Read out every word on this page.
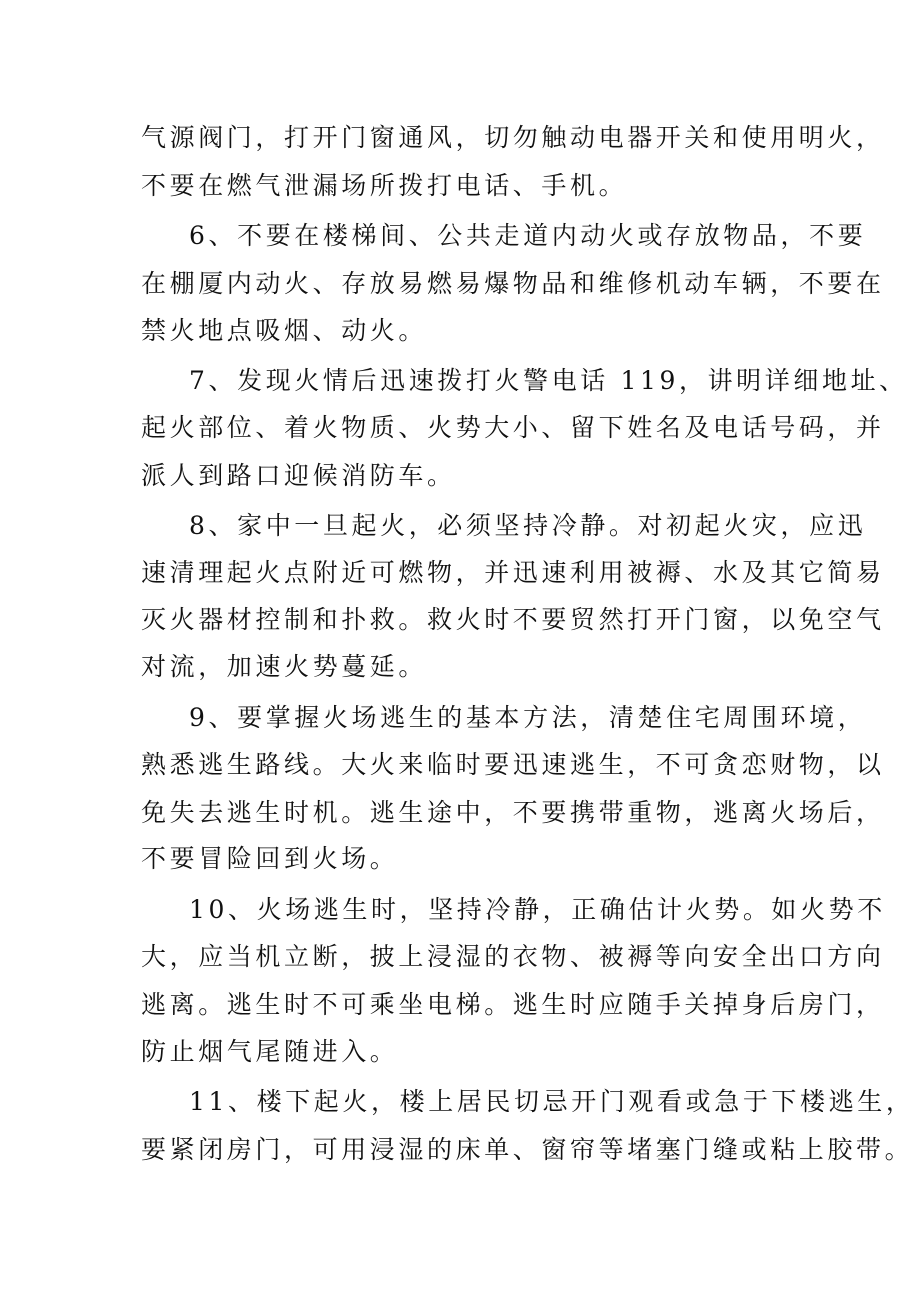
气源阀门，打开门窗通风，切勿触动电器开关和使用明火，
不要在燃气泄漏场所拨打电话、手机。
6、不要在楼梯间、公共走道内动火或存放物品，不要
在棚厦内动火、存放易燃易爆物品和维修机动车辆，不要在
禁火地点吸烟、动火。
7、发现火情后迅速拨打火警电话 119，讲明详细地址、
起火部位、着火物质、火势大小、留下姓名及电话号码，并
派人到路口迎候消防车。
8、家中一旦起火，必须坚持冷静。对初起火灾，应迅
速清理起火点附近可燃物，并迅速利用被褥、水及其它简易
灭火器材控制和扑救。救火时不要贸然打开门窗，以免空气
对流，加速火势蔓延。
9、要掌握火场逃生的基本方法，清楚住宅周围环境，
熟悉逃生路线。大火来临时要迅速逃生，不可贪恋财物，以
免失去逃生时机。逃生途中，不要携带重物，逃离火场后，
不要冒险回到火场。
10、火场逃生时，坚持冷静，正确估计火势。如火势不
大，应当机立断，披上浸湿的衣物、被褥等向安全出口方向
逃离。逃生时不可乘坐电梯。逃生时应随手关掉身后房门，
防止烟气尾随进入。
11、楼下起火，楼上居民切忌开门观看或急于下楼逃生，
要紧闭房门，可用浸湿的床单、窗帘等堵塞门缝或粘上胶带。
